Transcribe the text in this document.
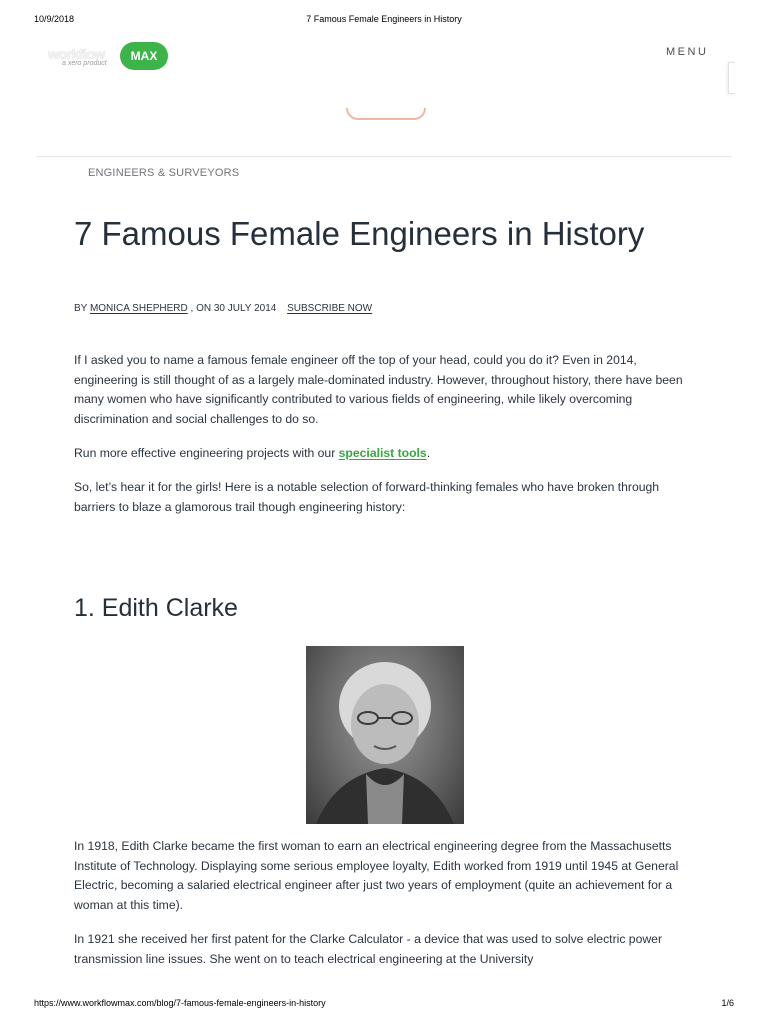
10/9/2018	7 Famous Female Engineers in History
workflow	MAX
a xero product
MENU
ENGINEERS & SURVEYORS
7 Famous Female Engineers in History
BY MONICA SHEPHERD , ON 30 JULY 2014 SUBSCRIBE NOW

If I asked you to name a famous female engineer off the top of your head, could you do it? Even in 2014, engineering is still thought of as a largely male-dominated industry. However, throughout history, there have been many women who have significantly contributed to various fields of engineering, while likely overcoming discrimination and social challenges to do so.

Run more effective engineering projects with our specialist tools.

So, let’s hear it for the girls! Here is a notable selection of forward-thinking females who have broken through barriers to blaze a glamorous trail though engineering history:

1. Edith Clarke

In 1918, Edith Clarke became the first woman to earn an electrical engineering degree from the Massachusetts Institute of Technology. Displaying some serious employee loyalty, Edith worked from 1919 until 1945 at General Electric, becoming a salaried electrical engineer after just two years of employment (quite an achievement for a woman at this time).

In 1921 she received her first patent for the Clarke Calculator - a device that was used to solve electric power transmission line issues. She went on to teach electrical engineering at the University

https://www.workflowmax.com/blog/7-famous-female-engineers-in-history	1/6
